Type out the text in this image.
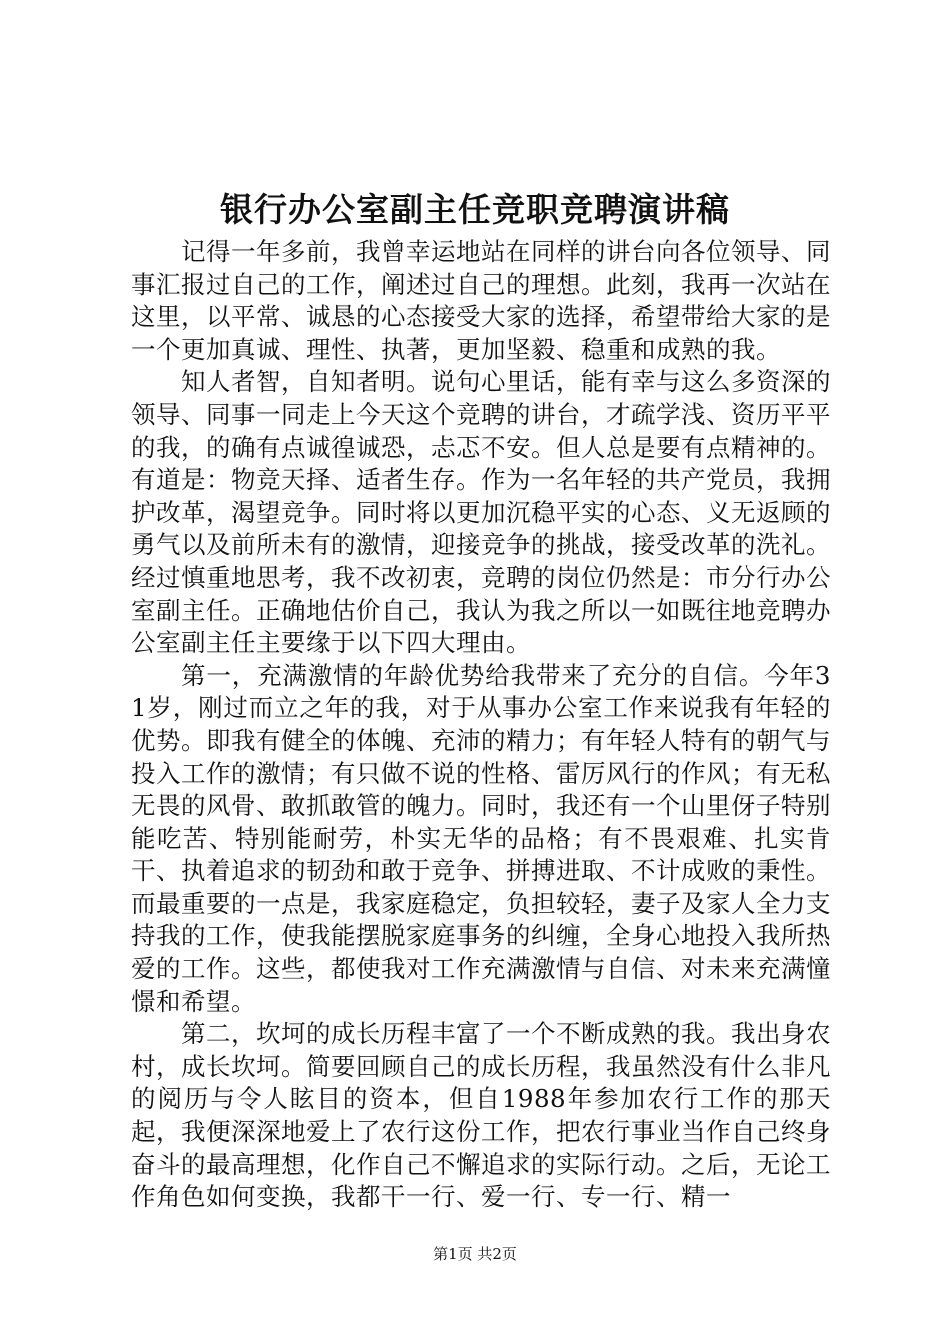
银行办公室副主任竞职竞聘演讲稿

记得一年多前，我曾幸运地站在同样的讲台向各位领导、同事汇报过自己的工作，阐述过自己的理想。此刻，我再一次站在这里，以平常、诚恳的心态接受大家的选择，希望带给大家的是一个更加真诚、理性、执著，更加坚毅、稳重和成熟的我。

知人者智，自知者明。说句心里话，能有幸与这么多资深的领导、同事一同走上今天这个竞聘的讲台，才疏学浅、资历平平的我，的确有点诚徨诚恐，忐忑不安。但人总是要有点精神的。有道是：物竞天择、适者生存。作为一名年轻的共产党员，我拥护改革，渴望竞争。同时将以更加沉稳平实的心态、义无返顾的勇气以及前所未有的激情，迎接竞争的挑战，接受改革的洗礼。经过慎重地思考，我不改初衷，竞聘的岗位仍然是：市分行办公室副主任。正确地估价自己，我认为我之所以一如既往地竞聘办公室副主任主要缘于以下四大理由。

第一，充满激情的年龄优势给我带来了充分的自信。今年31岁，刚过而立之年的我，对于从事办公室工作来说我有年轻的优势。即我有健全的体魄、充沛的精力；有年轻人特有的朝气与投入工作的激情；有只做不说的性格、雷厉风行的作风；有无私无畏的风骨、敢抓敢管的魄力。同时，我还有一个山里伢子特别能吃苦、特别能耐劳，朴实无华的品格；有不畏艰难、扎实肯干、执着追求的韧劲和敢于竞争、拼搏进取、不计成败的秉性。而最重要的一点是，我家庭稳定，负担较轻，妻子及家人全力支持我的工作，使我能摆脱家庭事务的纠缠，全身心地投入我所热爱的工作。这些，都使我对工作充满激情与自信、对未来充满憧憬和希望。

第二，坎坷的成长历程丰富了一个不断成熟的我。我出身农村，成长坎坷。简要回顾自己的成长历程，我虽然没有什么非凡的阅历与令人眩目的资本，但自1988年参加农行工作的那天起，我便深深地爱上了农行这份工作，把农行事业当作自己终身奋斗的最高理想，化作自己不懈追求的实际行动。之后，无论工作角色如何变换，我都干一行、爱一行、专一行、精一

第1页 共2页
